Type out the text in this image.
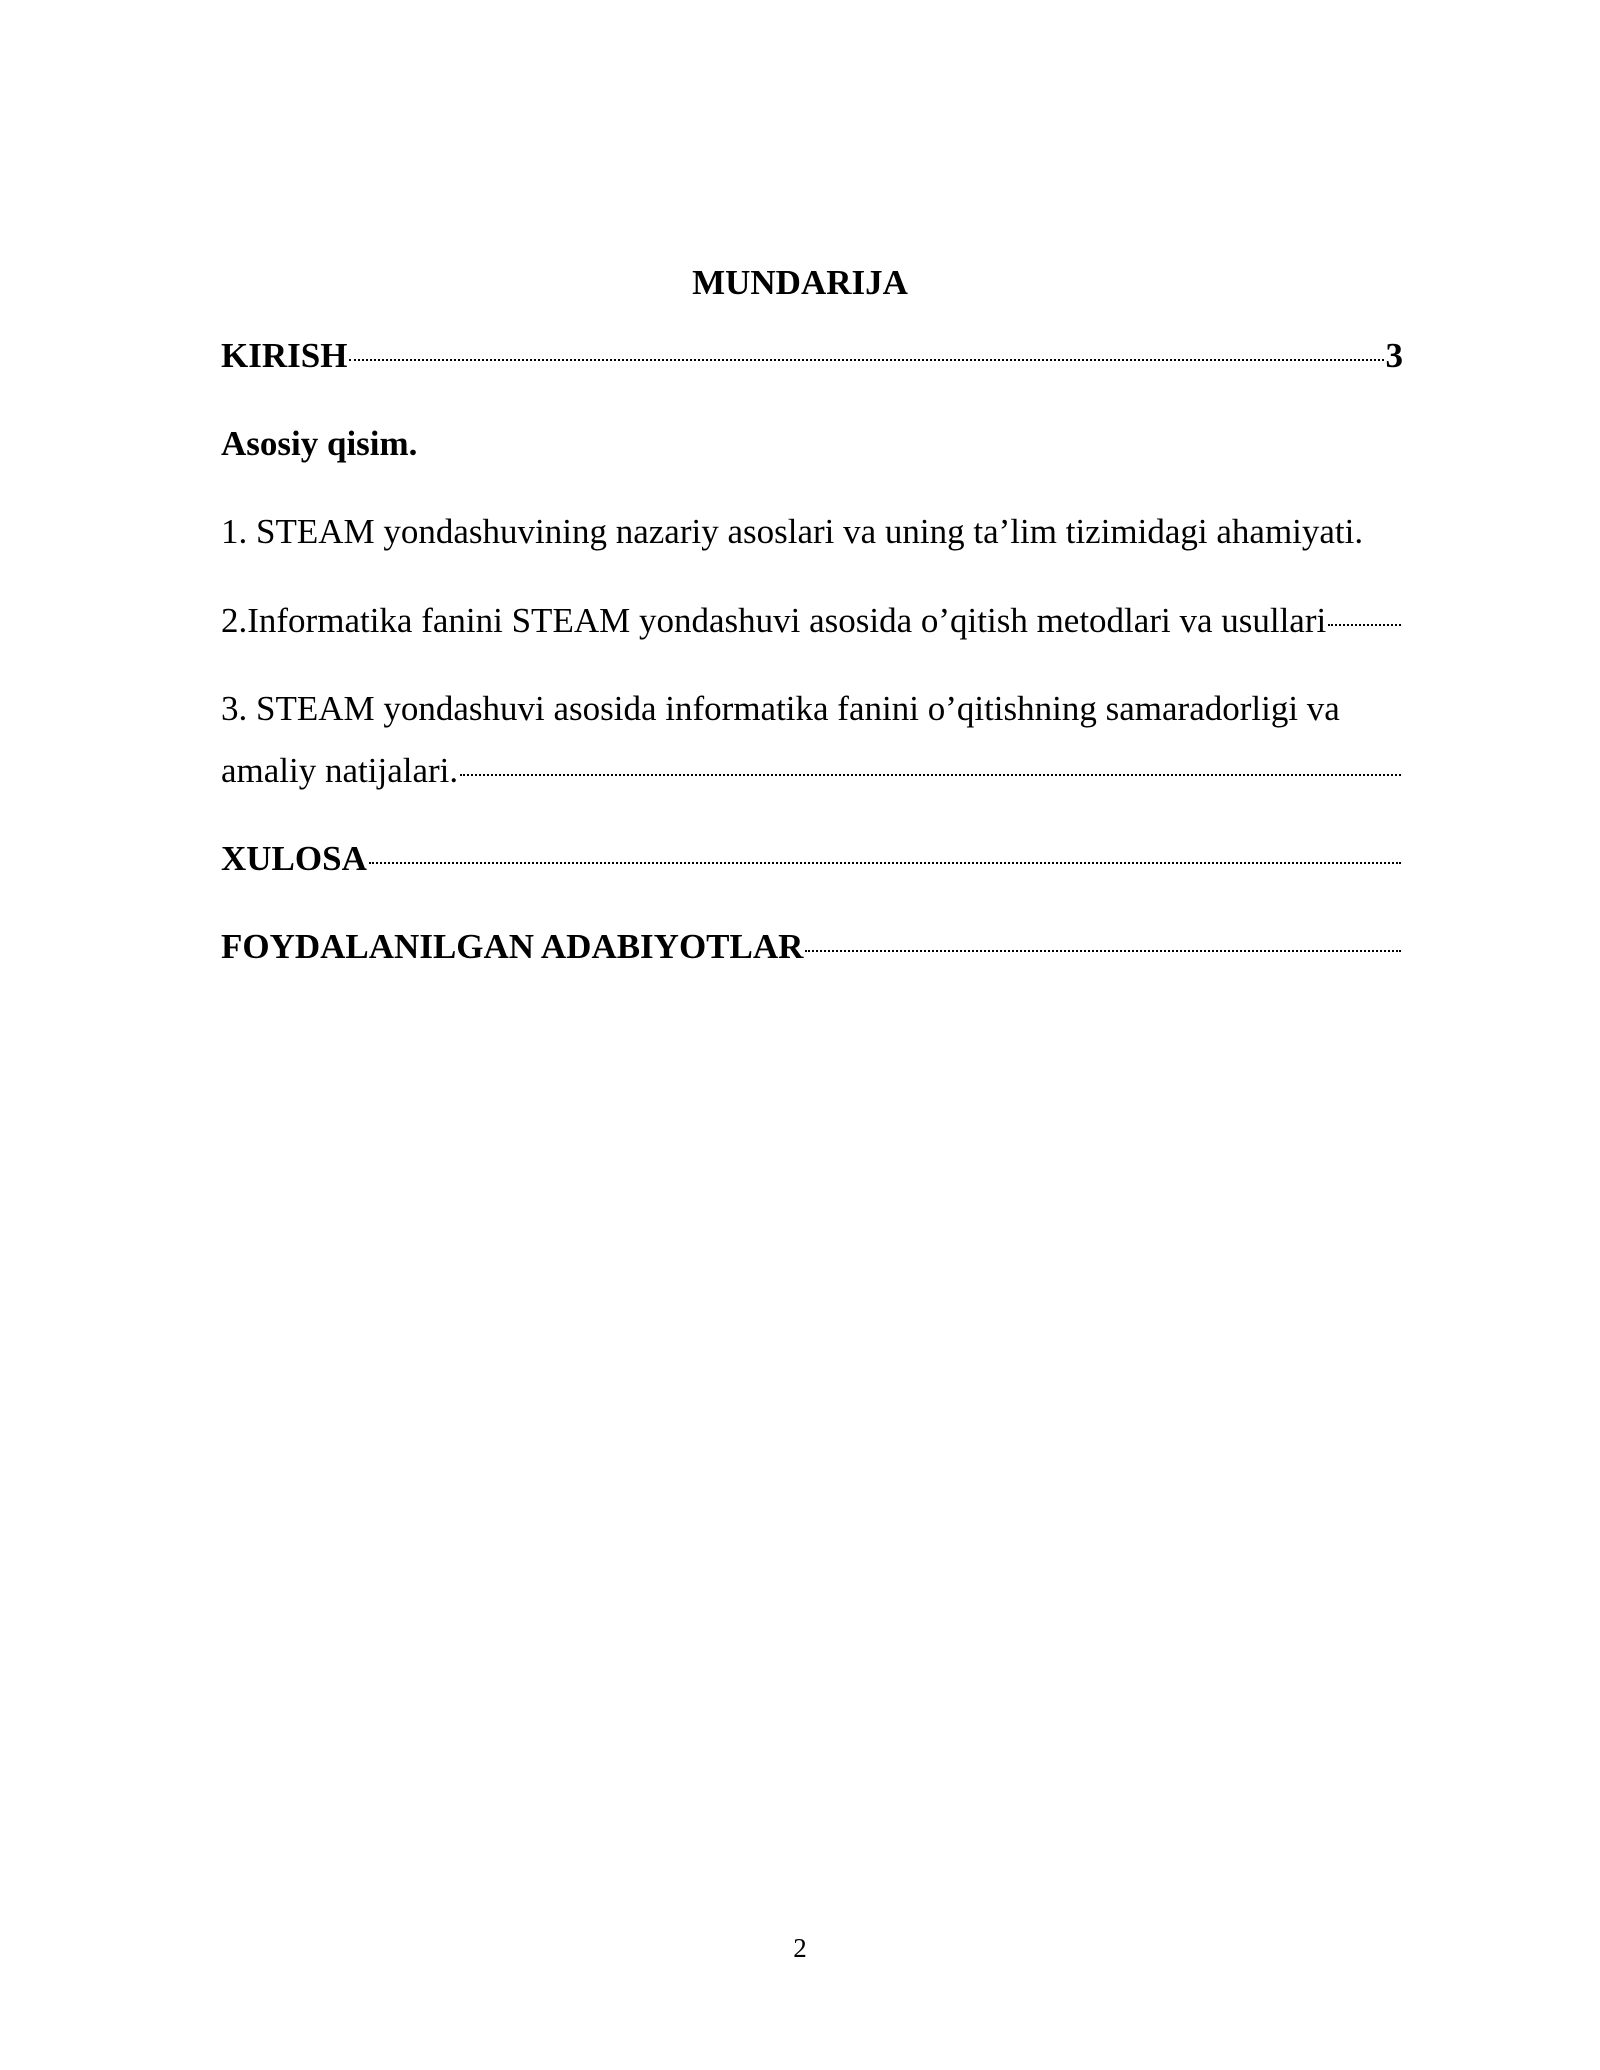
MUNDARIJA
KIRISH	3
Asosiy qisim.
1. STEAM yondashuvining nazariy asoslari va uning ta’lim tizimidagi ahamiyati.
2.Informatika fanini STEAM yondashuvi asosida o’qitish metodlari va usullari
3. STEAM yondashuvi asosida informatika fanini o’qitishning samaradorligi va
amaliy natijalari.
XULOSA
FOYDALANILGAN ADABIYOTLAR
2
